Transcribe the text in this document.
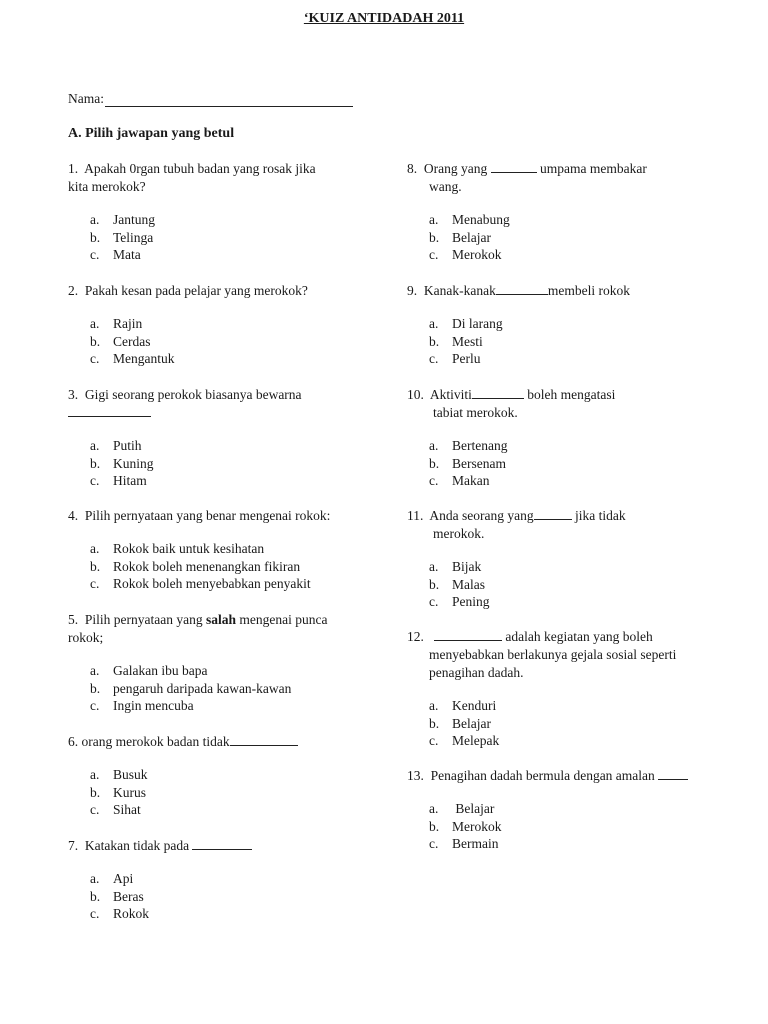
‘KUIZ ANTIDADAH 2011
Nama:
A. Pilih jawapan yang betul
1. Apakah 0rgan tubuh badan yang rosak jika
kita merokok?
a. Jantung
b. Telinga
c. Mata
2. Pakah kesan pada pelajar yang merokok?
a. Rajin
b. Cerdas
c. Mengantuk
3. Gigi seorang perokok biasanya bewarna
a. Putih
b. Kuning
c. Hitam
4. Pilih pernyataan yang benar mengenai rokok:
a. Rokok baik untuk kesihatan
b. Rokok boleh menenangkan fikiran
c. Rokok boleh menyebabkan penyakit
5. Pilih pernyataan yang salah mengenai punca
rokok;
a. Galakan ibu bapa
b. pengaruh daripada kawan-kawan
c. Ingin mencuba
6. orang merokok badan tidak
a. Busuk
b. Kurus
c. Sihat
7. Katakan tidak pada
a. Api
b. Beras
c. Rokok
8. Orang yang	umpama membakar
wang.
a. Menabung
b. Belajar
c. Merokok
9. Kanak-kanak	membeli rokok
a. Di larang
b. Mesti
c. Perlu
10. Aktiviti	boleh mengatasi
tabiat merokok.
a. Bertenang
b. Bersenam
c. Makan
11. Anda seorang yang	jika tidak
merokok.
a. Bijak
b. Malas
c. Pening
12.	adalah kegiatan yang boleh
menyebabkan berlakunya gejala sosial seperti
penagihan dadah.
a. Kenduri
b. Belajar
c. Melepak
13. Penagihan dadah bermula dengan amalan
a. Belajar
b. Merokok
c. Bermain
